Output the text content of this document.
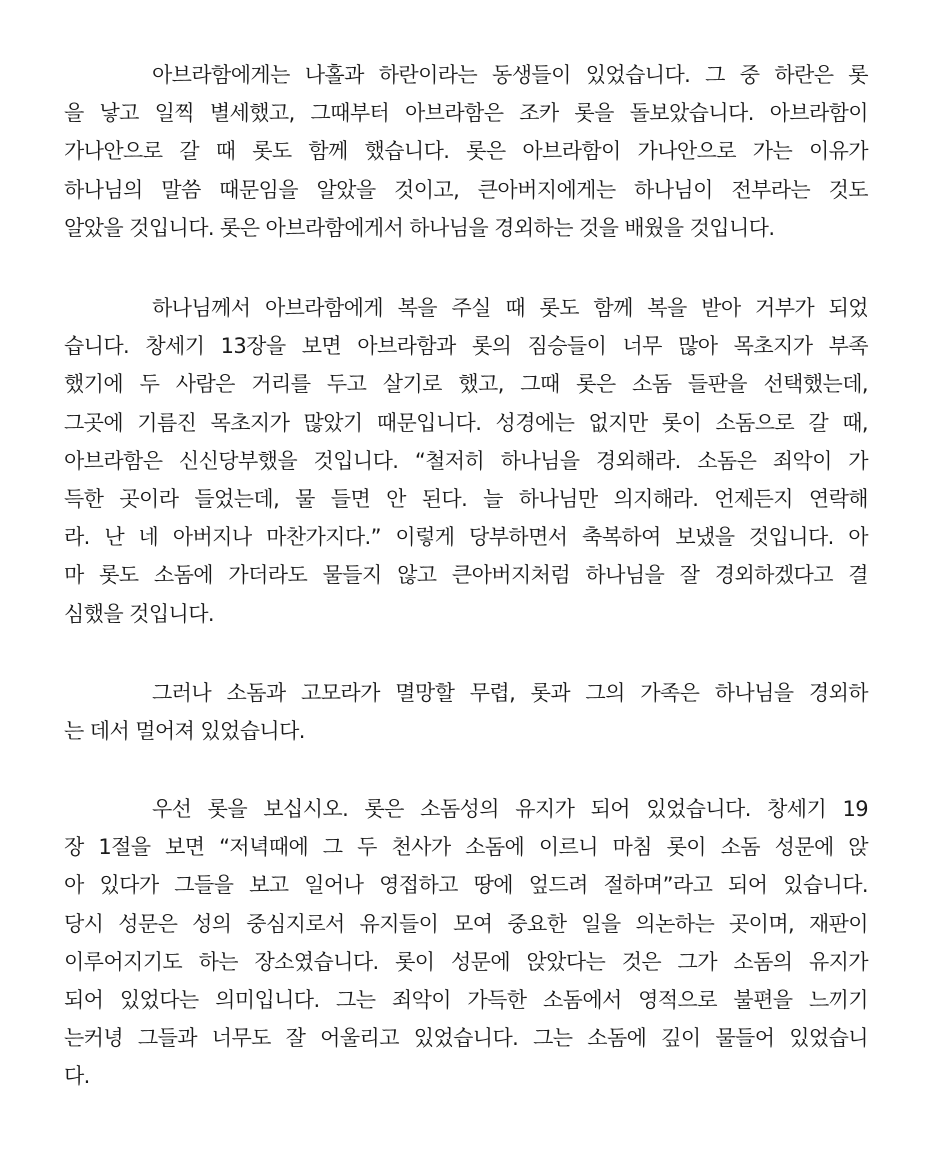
아브라함에게는 나홀과 하란이라는 동생들이 있었습니다. 그 중 하란은 롯
을 낳고 일찍 별세했고, 그때부터 아브라함은 조카 롯을 돌보았습니다. 아브라함이
가나안으로 갈 때 롯도 함께 했습니다. 롯은 아브라함이 가나안으로 가는 이유가
하나님의 말씀 때문임을 알았을 것이고, 큰아버지에게는 하나님이 전부라는 것도
알았을 것입니다. 롯은 아브라함에게서 하나님을 경외하는 것을 배웠을 것입니다.

하나님께서 아브라함에게 복을 주실 때 롯도 함께 복을 받아 거부가 되었
습니다. 창세기 13장을 보면 아브라함과 롯의 짐승들이 너무 많아 목초지가 부족
했기에 두 사람은 거리를 두고 살기로 했고, 그때 롯은 소돔 들판을 선택했는데,
그곳에 기름진 목초지가 많았기 때문입니다. 성경에는 없지만 롯이 소돔으로 갈 때,
아브라함은 신신당부했을 것입니다. “철저히 하나님을 경외해라. 소돔은 죄악이 가
득한 곳이라 들었는데, 물 들면 안 된다. 늘 하나님만 의지해라. 언제든지 연락해
라. 난 네 아버지나 마찬가지다.” 이렇게 당부하면서 축복하여 보냈을 것입니다. 아
마 롯도 소돔에 가더라도 물들지 않고 큰아버지처럼 하나님을 잘 경외하겠다고 결
심했을 것입니다.

그러나 소돔과 고모라가 멸망할 무렵, 롯과 그의 가족은 하나님을 경외하
는 데서 멀어져 있었습니다.

우선 롯을 보십시오. 롯은 소돔성의 유지가 되어 있었습니다. 창세기 19
장 1절을 보면 “저녁때에 그 두 천사가 소돔에 이르니 마침 롯이 소돔 성문에 앉
아 있다가 그들을 보고 일어나 영접하고 땅에 엎드려 절하며”라고 되어 있습니다.
당시 성문은 성의 중심지로서 유지들이 모여 중요한 일을 의논하는 곳이며, 재판이
이루어지기도 하는 장소였습니다. 롯이 성문에 앉았다는 것은 그가 소돔의 유지가
되어 있었다는 의미입니다. 그는 죄악이 가득한 소돔에서 영적으로 불편을 느끼기
는커녕 그들과 너무도 잘 어울리고 있었습니다. 그는 소돔에 깊이 물들어 있었습니
다.
